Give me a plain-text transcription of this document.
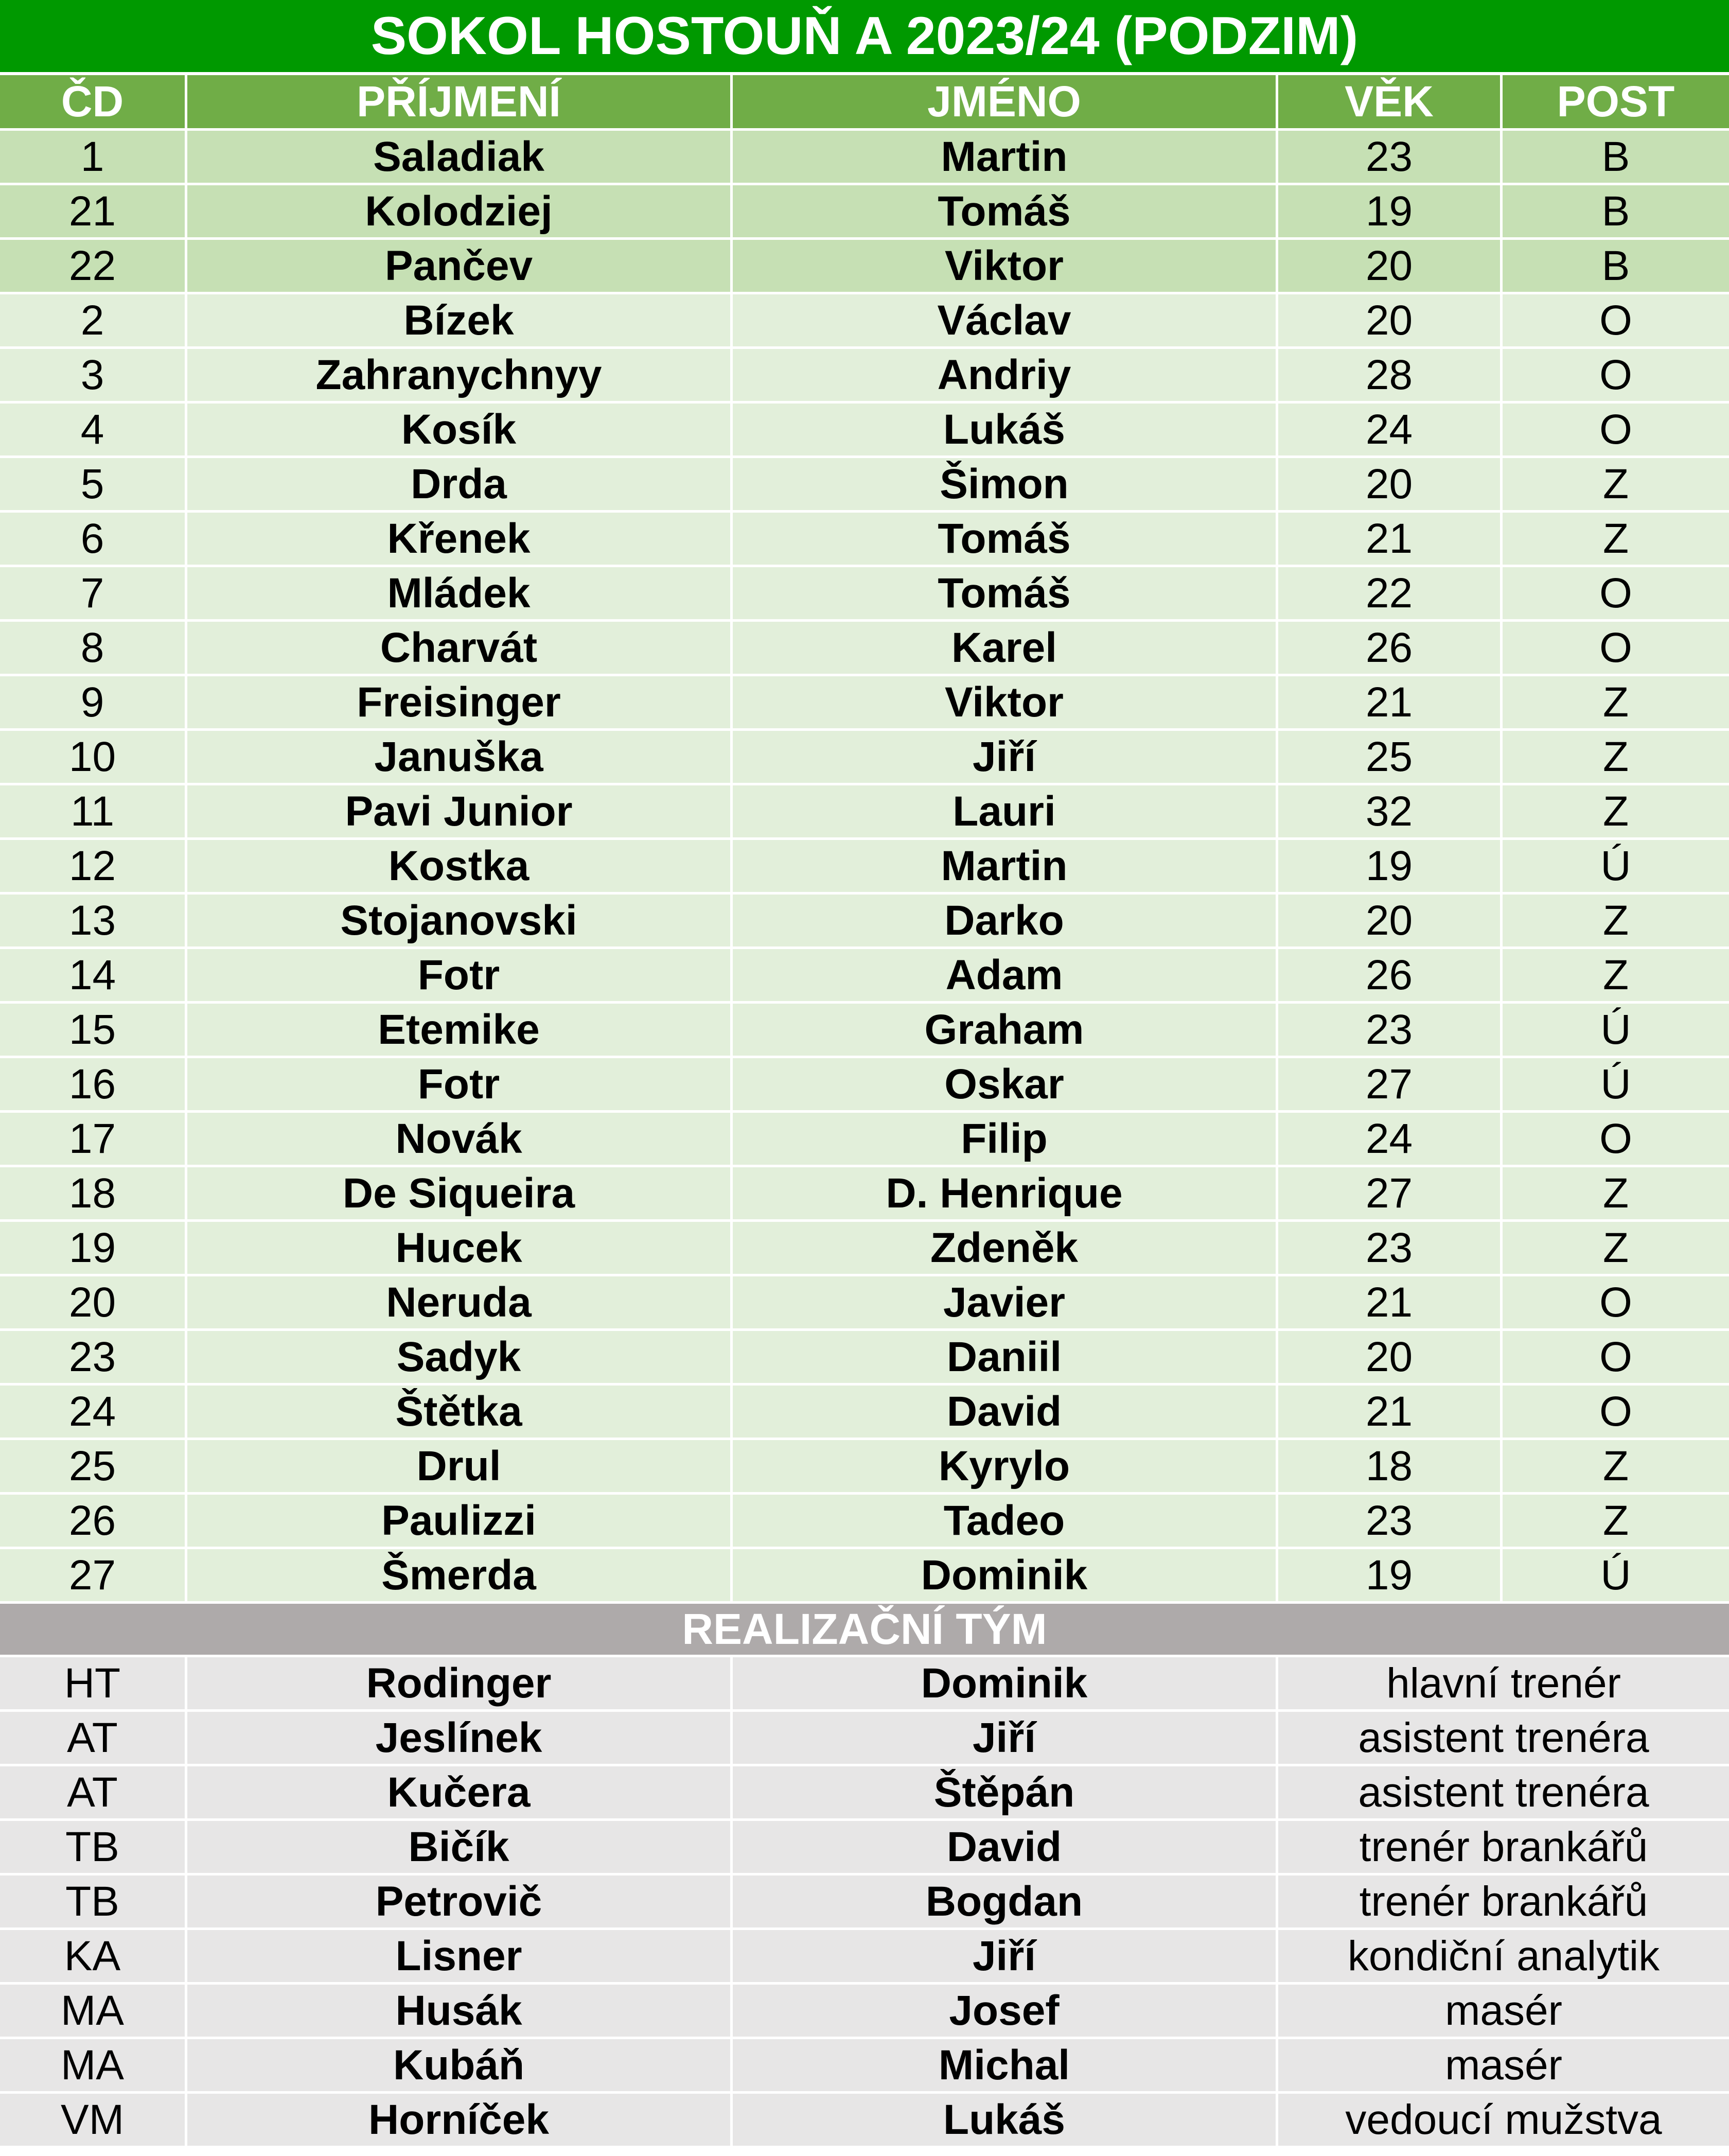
SOKOL HOSTOUŇ A 2023/24 (PODZIM)
ČD	PŘÍJMENÍ	JMÉNO	VĚK	POST
1	Saladiak	Martin	23	B
21	Kolodziej	Tomáš	19	B
22	Pančev	Viktor	20	B
2	Bízek	Václav	20	O
3	Zahranychnyy	Andriy	28	O
4	Kosík	Lukáš	24	O
5	Drda	Šimon	20	Z
6	Křenek	Tomáš	21	Z
7	Mládek	Tomáš	22	O
8	Charvát	Karel	26	O
9	Freisinger	Viktor	21	Z
10	Januška	Jiří	25	Z
11	Pavi Junior	Lauri	32	Z
12	Kostka	Martin	19	Ú
13	Stojanovski	Darko	20	Z
14	Fotr	Adam	26	Z
15	Etemike	Graham	23	Ú
16	Fotr	Oskar	27	Ú
17	Novák	Filip	24	O
18	De Siqueira	D. Henrique	27	Z
19	Hucek	Zdeněk	23	Z
20	Neruda	Javier	21	O
23	Sadyk	Daniil	20	O
24	Štětka	David	21	O
25	Drul	Kyrylo	18	Z
26	Paulizzi	Tadeo	23	Z
27	Šmerda	Dominik	19	Ú
REALIZAČNÍ TÝM
HT	Rodinger	Dominik	hlavní trenér
AT	Jeslínek	Jiří	asistent trenéra
AT	Kučera	Štěpán	asistent trenéra
TB	Bičík	David	trenér brankářů
TB	Petrovič	Bogdan	trenér brankářů
KA	Lisner	Jiří	kondiční analytik
MA	Husák	Josef	masér
MA	Kubáň	Michal	masér
VM	Horníček	Lukáš	vedoucí mužstva
